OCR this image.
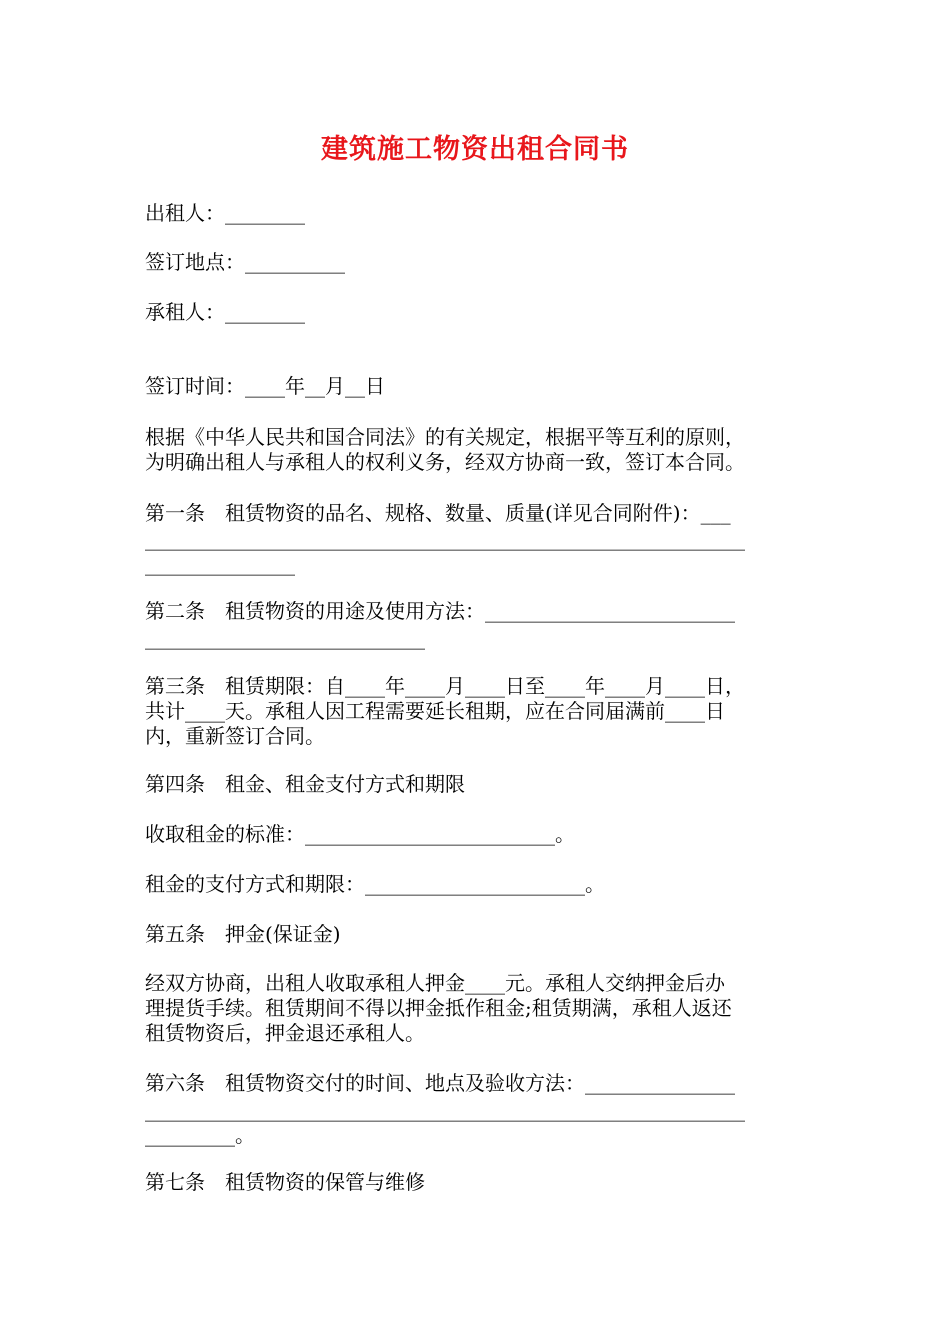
建筑施工物资出租合同书
出租人：________
签订地点：__________
承租人：________
签订时间：____年__月__日
根据《中华人民共和国合同法》的有关规定，根据平等互利的原则，
为明确出租人与承租人的权利义务，经双方协商一致，签订本合同。
第一条　租赁物资的品名、规格、数量、质量(详见合同附件)：___
____________________________________________________________
_______________
第二条　租赁物资的用途及使用方法：_________________________
____________________________
第三条　租赁期限：自____年____月____日至____年____月____日，
共计____天。承租人因工程需要延长租期，应在合同届满前____日
内，重新签订合同。
第四条　租金、租金支付方式和期限
收取租金的标准：_________________________。
租金的支付方式和期限：______________________。
第五条　押金(保证金)
经双方协商，出租人收取承租人押金____元。承租人交纳押金后办
理提货手续。租赁期间不得以押金抵作租金;租赁期满，承租人返还
租赁物资后，押金退还承租人。
第六条　租赁物资交付的时间、地点及验收方法：_______________
____________________________________________________________
_________。
第七条　租赁物资的保管与维修
